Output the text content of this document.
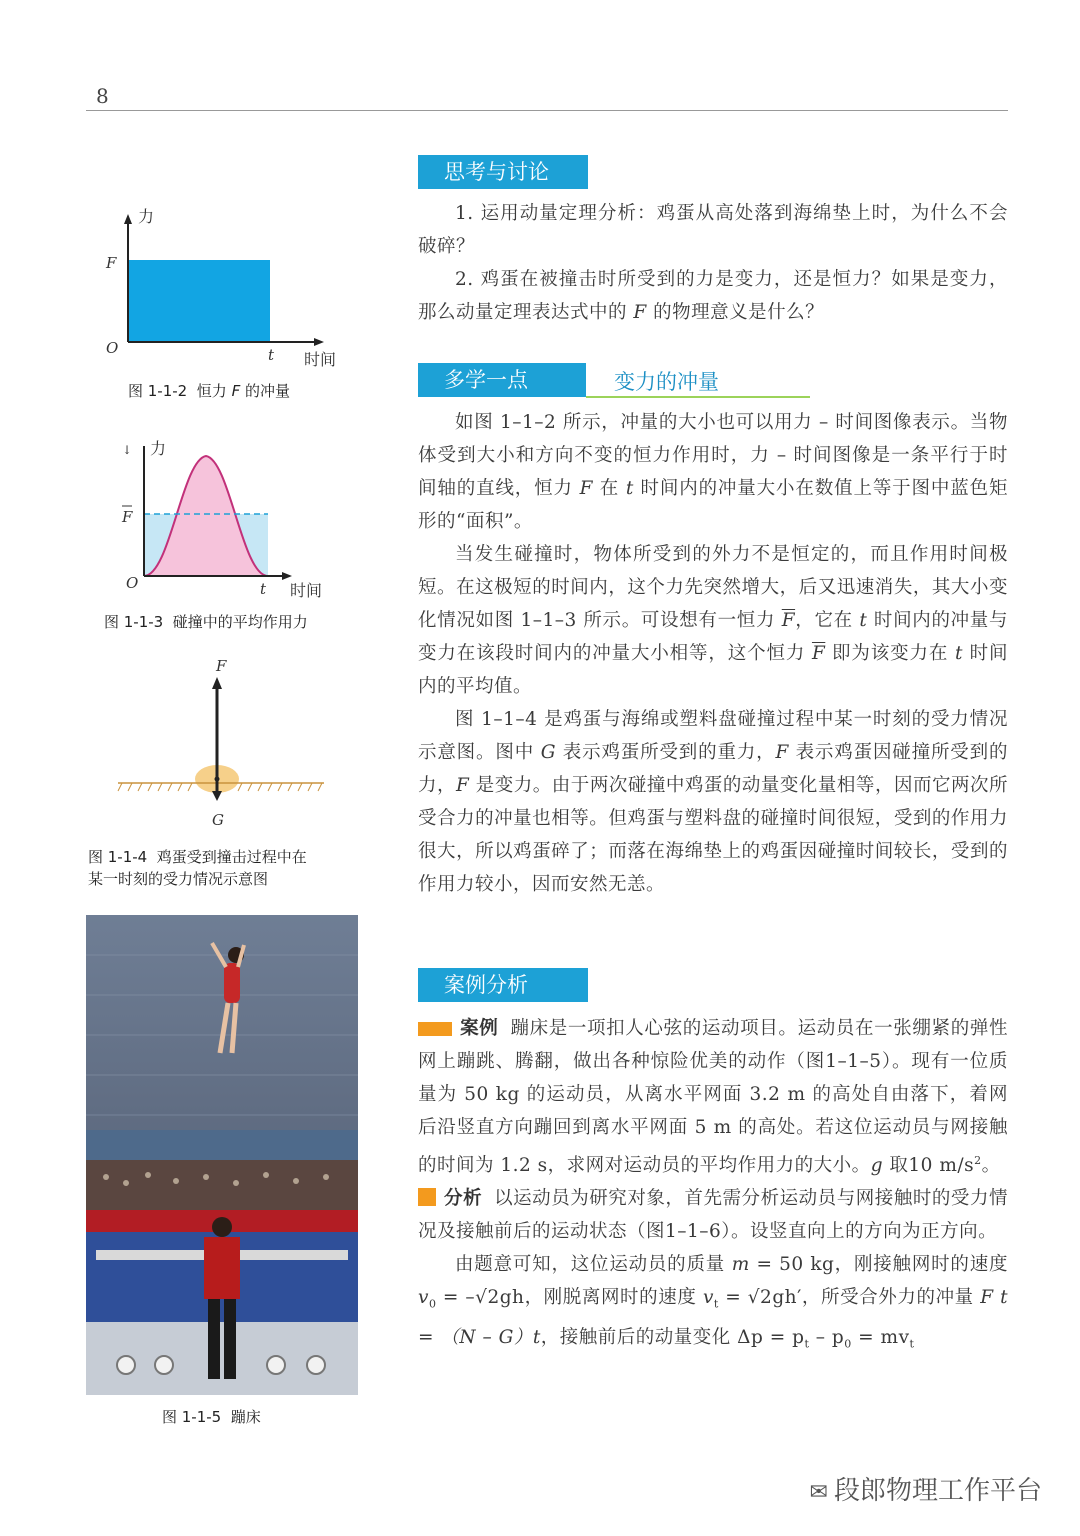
8
力
F
O	t 时间
图 1-1-2 恒力 F 的冲量
力
↓
F
O	t 时间
图 1-1-3 碰撞中的平均作用力
F
G
图 1-1-4 鸡蛋受到撞击过程中在
某一时刻的受力情况示意图
图 1-1-5 蹦床
思考与讨论

1. 运用动量定理分析：鸡蛋从高处落到海绵垫上时，为什么不会破碎？

2. 鸡蛋在被撞击时所受到的力是变力，还是恒力？如果是变力，那么动量定理表达式中的 F 的物理意义是什么？

多学一点	变力的冲量

如图 1–1–2 所示，冲量的大小也可以用力 – 时间图像表示。当物体受到大小和方向不变的恒力作用时，力 – 时间图像是一条平行于时间轴的直线，恒力 F 在 t 时间内的冲量大小在数值上等于图中蓝色矩形的“面积”。

当发生碰撞时，物体所受到的外力不是恒定的，而且作用时间极短。在这极短的时间内，这个力先突然增大，后又迅速消失，其大小变化情况如图 1–1–3 所示。可设想有一恒力 $\overline{F}$，它在 t 时间内的冲量与变力在该段时间内的冲量大小相等，这个恒力 $\overline{F}$ 即为该变力在 t 时间内的平均值。

图 1–1–4 是鸡蛋与海绵或塑料盘碰撞过程中某一时刻的受力情况示意图。图中 G 表示鸡蛋所受到的重力，F 表示鸡蛋因碰撞所受到的力，F 是变力。由于两次碰撞中鸡蛋的动量变化量相等，因而它两次所受合力的冲量也相等。但鸡蛋与塑料盘的碰撞时间很短，受到的作用力很大，所以鸡蛋碎了；而落在海绵垫上的鸡蛋因碰撞时间较长，受到的作用力较小，因而安然无恙。

案例分析

案例 蹦床是一项扣人心弦的运动项目。运动员在一张绷紧的弹性网上蹦跳、腾翻，做出各种惊险优美的动作（图1–1–5）。现有一位质量为 50 kg 的运动员，从离水平网面 3.2 m 的高处自由落下，着网后沿竖直方向蹦回到离水平网面 5 m 的高处。若这位运动员与网接触的时间为 1.2 s，求网对运动员的平均作用力的大小。g 取10 $m/s^2$。

分析 以运动员为研究对象，首先需分析运动员与网接触时的受力情况及接触前后的运动状态（图1–1–6）。设竖直向上的方向为正方向。

由题意可知，这位运动员的质量 m = 50 kg，刚接触网时的速度 $v_0 = -√2gh$，刚脱离网时的速度 $v_t = √2gh'$，所受合外力的冲量 F t = （N – G）t，接触前后的动量变化 $\Delta p = p_t - p_0 = mv_t$

✉ 段郎物理工作平台
